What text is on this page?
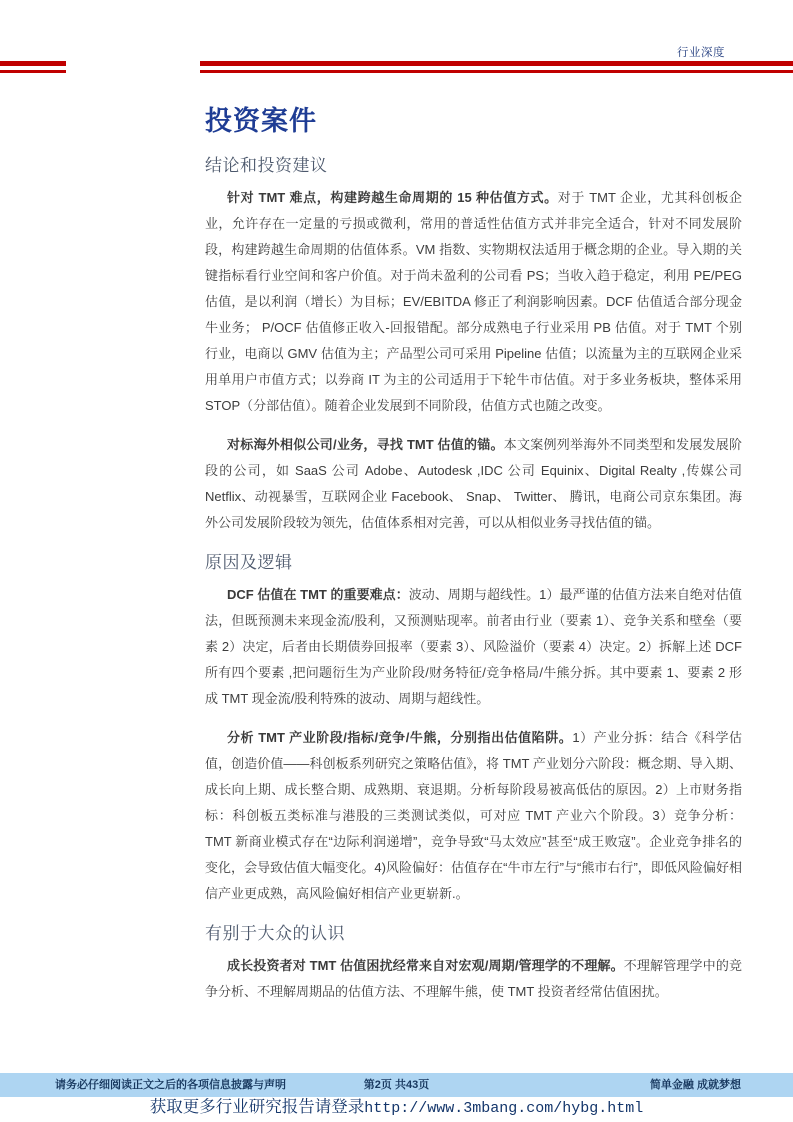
行业深度
投资案件
结论和投资建议

针对 TMT 难点，构建跨越生命周期的 15 种估值方式。对于 TMT 企业，尤其科创板企业，允许存在一定量的亏损或微利，常用的普适性估值方式并非完全适合，针对不同发展阶段，构建跨越生命周期的估值体系。VM 指数、实物期权法适用于概念期的企业。导入期的关键指标看行业空间和客户价值。对于尚未盈利的公司看 PS；当收入趋于稳定，利用 PE/PEG 估值，是以利润（增长）为目标；EV/EBITDA 修正了利润影响因素。DCF 估值适合部分现金牛业务； P/OCF 估值修正收入-回报错配。部分成熟电子行业采用 PB 估值。对于 TMT 个别行业，电商以 GMV 估值为主；产品型公司可采用 Pipeline 估值；以流量为主的互联网企业采用单用户市值方式；以券商 IT 为主的公司适用于下轮牛市估值。对于多业务板块，整体采用 STOP（分部估值）。随着企业发展到不同阶段，估值方式也随之改变。

对标海外相似公司/业务，寻找 TMT 估值的锚。本文案例列举海外不同类型和发展发展阶段的公司，如 SaaS 公司 Adobe、Autodesk ,IDC 公司 Equinix、Digital Realty ,传媒公司 Netflix、动视暴雪，互联网企业 Facebook、 Snap、 Twitter、 腾讯，电商公司京东集团。海外公司发展阶段较为领先，估值体系相对完善，可以从相似业务寻找估值的锚。

原因及逻辑

DCF 估值在 TMT 的重要难点：波动、周期与超线性。1）最严谨的估值方法来自绝对估值法，但既预测未来现金流/股利，又预测贴现率。前者由行业（要素 1）、竞争关系和壁垒（要素 2）决定，后者由长期债券回报率（要素 3）、风险溢价（要素 4）决定。2）拆解上述 DCF 所有四个要素 ,把问题衍生为产业阶段/财务特征/竞争格局/牛熊分拆。其中要素 1、要素 2 形成 TMT 现金流/股利特殊的波动、周期与超线性。

分析 TMT 产业阶段/指标/竞争/牛熊，分别指出估值陷阱。1）产业分拆：结合《科学估值，创造价值——科创板系列研究之策略估值》，将 TMT 产业划分六阶段：概念期、导入期、成长向上期、成长整合期、成熟期、衰退期。分析每阶段易被高低估的原因。2）上市财务指标：科创板五类标准与港股的三类测试类似，可对应 TMT 产业六个阶段。3）竞争分析： TMT 新商业模式存在“边际利润递增”，竞争导致“马太效应”甚至“成王败寇”。企业竞争排名的变化，会导致估值大幅变化。4)风险偏好：估值存在“牛市左行”与“熊市右行”，即低风险偏好相信产业更成熟，高风险偏好相信产业更崭新.。

有别于大众的认识

成长投资者对 TMT 估值困扰经常来自对宏观/周期/管理学的不理解。不理解管理学中的竞争分析、不理解周期品的估值方法、不理解牛熊，使 TMT 投资者经常估值困扰。

请务必仔细阅读正文之后的各项信息披露与声明	第2页 共43页	简单金融 成就梦想
获取更多行业研究报告请登录http://www.3mbang.com/hybg.html
